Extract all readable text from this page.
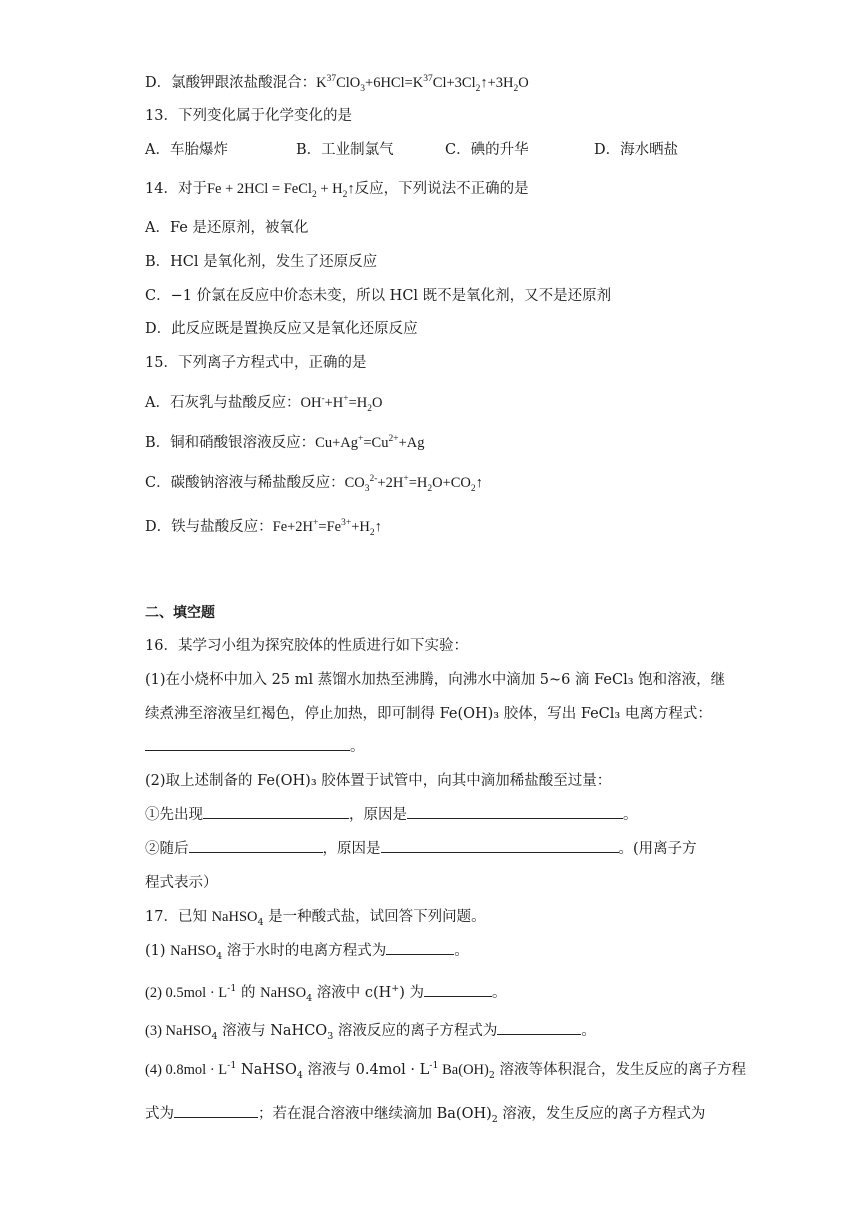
D．氯酸钾跟浓盐酸混合：$K^{37}ClO_3+6HCl=K^{37}Cl+3Cl_2↑+3H_2O$
13．下列变化属于化学变化的是
A．车胎爆炸	B．工业制氯气	C．碘的升华	D．海水晒盐
14．对于Fe + 2HCl = FeCl$_2$ + $H_2↑$反应，下列说法不正确的是
A．Fe 是还原剂，被氧化
B．HCl 是氧化剂，发生了还原反应
C．−1 价氯在反应中价态未变，所以 HCl 既不是氧化剂，又不是还原剂
D．此反应既是置换反应又是氧化还原反应
15．下列离子方程式中，正确的是
A．石灰乳与盐酸反应：$OH^-+H^+=H_2O$
B．铜和硝酸银溶液反应：$Cu+Ag^+=Cu^{2+}+Ag$
C．碳酸钠溶液与稀盐酸反应：$CO_3^{2-}+2H^+=H_2O+CO_2↑$
D．铁与盐酸反应：$Fe+2H^+=Fe^{3+}+H_2↑$
二、填空题
16．某学习小组为探究胶体的性质进行如下实验：
(1)在小烧杯中加入 25 ml 蒸馏水加热至沸腾，向沸水中滴加 5~6 滴 FeCl₃ 饱和溶液，继
续煮沸至溶液呈红褐色，停止加热，即可制得 Fe(OH)₃ 胶体，写出 FeCl₃ 电离方程式：
。
(2)取上述制备的 Fe(OH)₃ 胶体置于试管中，向其中滴加稀盐酸至过量：
①先出现	，原因是	。
②随后	，原因是	。(用离子方
程式表示）
17．已知 NaHSO$_4$ 是一种酸式盐，试回答下列问题。
(1) NaHSO$_4$ 溶于水时的电离方程式为	。
(2) $0.5mol \cdot L^{-1}$ 的 NaHSO$_4$ 溶液中 c(H+) 为	。
(3) NaHSO$_4$ 溶液与 NaHCO$_3$ 溶液反应的离子方程式为	。
(4) $0.8mol \cdot L^{-1}$ NaHSO$_4$ 溶液与 $0.4mol \cdot L^{-1}$ $Ba(OH)_2$ 溶液等体积混合，发生反应的离子方程
式为	；若在混合溶液中继续滴加 $Ba(OH)_2$ 溶液，发生反应的离子方程式为
